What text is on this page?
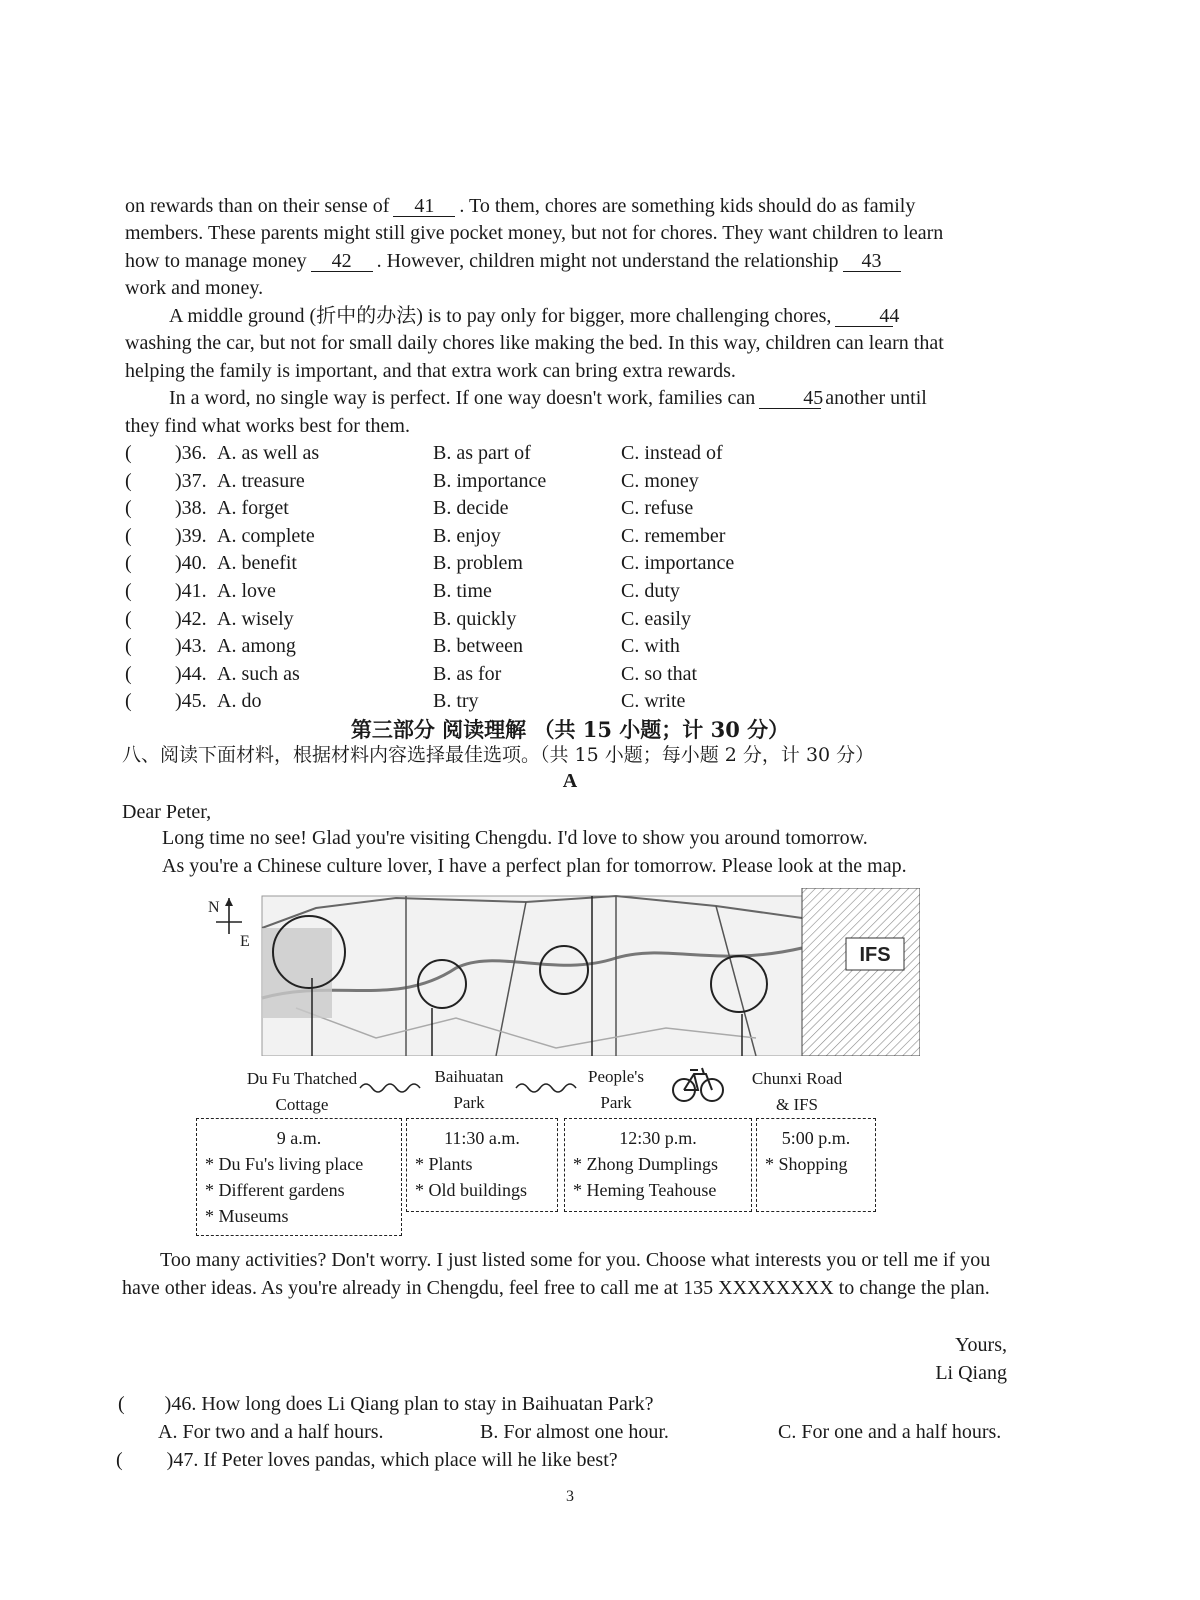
on rewards than on their sense of 41 . To them, chores are something kids should do as family
members. These parents might still give pocket money, but not for chores. They want children to learn
how to manage money 42 . However, children might not understand the relationship 43
work and money.
A middle ground (折中的办法) is to pay only for bigger, more challenging chores, 44
washing the car, but not for small daily chores like making the bed. In this way, children can learn that
helping the family is important, and that extra work can bring extra rewards.
In a word, no single way is perfect. If one way doesn't work, families can 45 another until
they find what works best for them.
( )36. A. as well as	B. as part of	C. instead of
( )37. A. treasure	B. importance	C. money
( )38. A. forget	B. decide	C. refuse
( )39. A. complete	B. enjoy	C. remember
( )40. A. benefit	B. problem	C. importance
( )41. A. love	B. time	C. duty
( )42. A. wisely	B. quickly	C. easily
( )43. A. among	B. between	C. with
( )44. A. such as	B. as for	C. so that
( )45. A. do	B. try	C. write
第三部分 阅读理解 （共 15 小题；计 30 分）
八、阅读下面材料，根据材料内容选择最佳选项。（共 15 小题；每小题 2 分，计 30 分）
A
Dear Peter,
Long time no see! Glad you're visiting Chengdu. I'd love to show you around tomorrow.
As you're a Chinese culture lover, I have a perfect plan for tomorrow. Please look at the map.
IFS
N
E
Du Fu Thatched
Cottage
Baihuatan
Park
People's
Park
Chunxi Road
& IFS
9 a.m.
* Du Fu's living place
* Different gardens
* Museums
11:30 a.m.
* Plants
* Old buildings
12:30 p.m.
* Zhong Dumplings
* Heming Teahouse
5:00 p.m.
* Shopping
Too many activities? Don't worry. I just listed some for you. Choose what interests you or tell me if you have other ideas. As you're already in Chengdu, feel free to call me at 135 XXXXXXXX to change the plan.
Yours,
Li Qiang
( )46. How long does Li Qiang plan to stay in Baihuatan Park?
A. For two and a half hours.	B. For almost one hour.	C. For one and a half hours.
( )47. If Peter loves pandas, which place will he like best?
3
